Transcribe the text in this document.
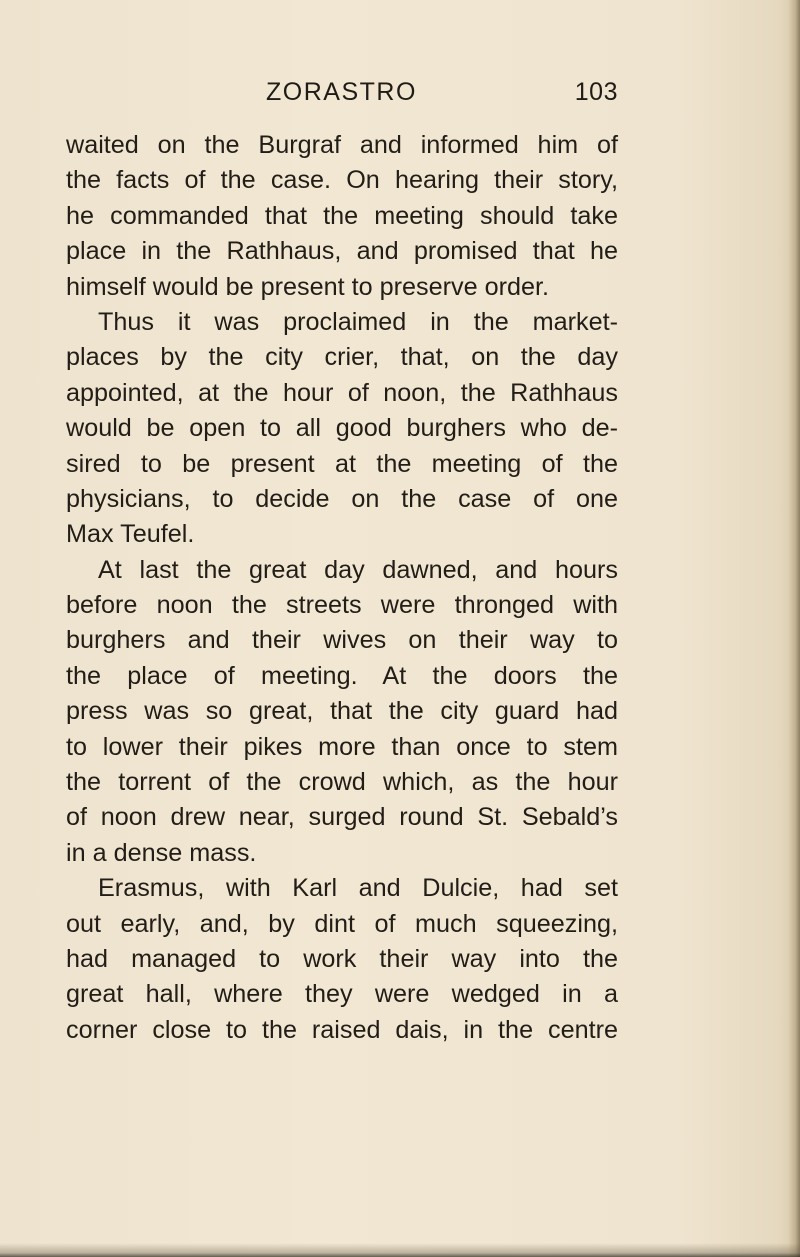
ZORASTRO	103
waited on the Burgraf and informed him of
the facts of the case. On hearing their story,
he commanded that the meeting should take
place in the Rathhaus, and promised that he
himself would be present to preserve order.
Thus it was proclaimed in the market-
places by the city crier, that, on the day
appointed, at the hour of noon, the Rathhaus
would be open to all good burghers who de-
sired to be present at the meeting of the
physicians, to decide on the case of one
Max Teufel.
At last the great day dawned, and hours
before noon the streets were thronged with
burghers and their wives on their way to
the place of meeting. At the doors the
press was so great, that the city guard had
to lower their pikes more than once to stem
the torrent of the crowd which, as the hour
of noon drew near, surged round St. Sebald’s
in a dense mass.
Erasmus, with Karl and Dulcie, had set
out early, and, by dint of much squeezing,
had managed to work their way into the
great hall, where they were wedged in a
corner close to the raised dais, in the centre
